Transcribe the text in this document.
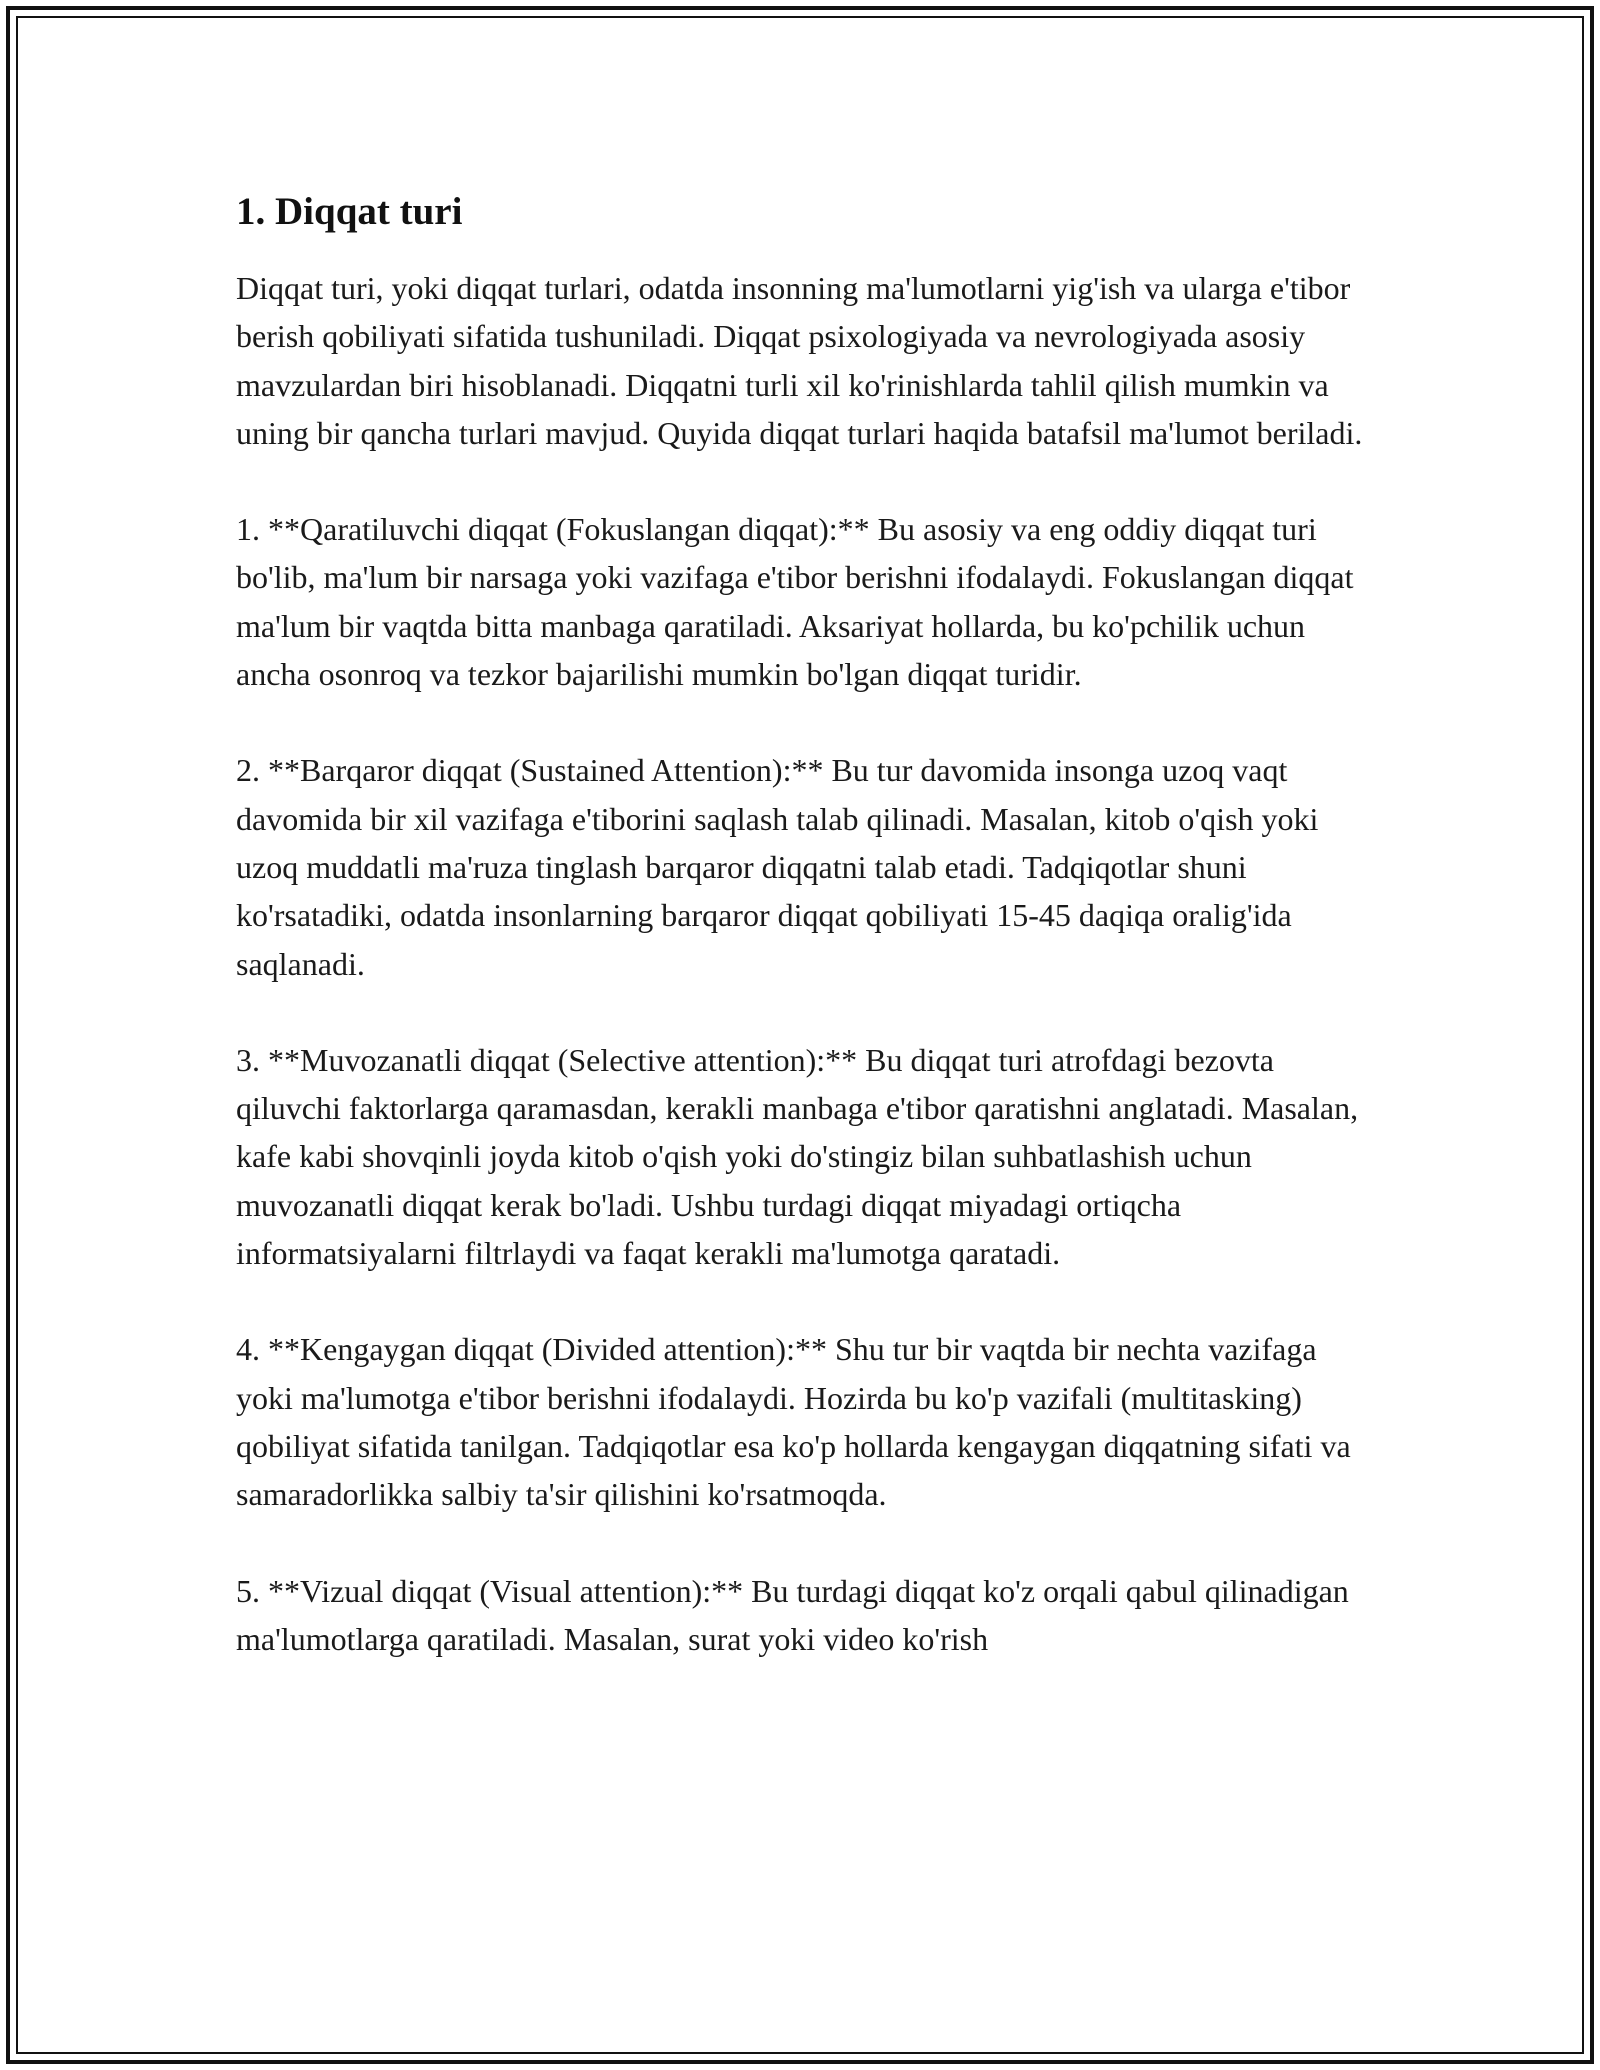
1. Diqqat turi

Diqqat turi, yoki diqqat turlari, odatda insonning ma'lumotlarni yig'ish va ularga e'tibor berish qobiliyati sifatida tushuniladi. Diqqat psixologiyada va nevrologiyada asosiy mavzulardan biri hisoblanadi. Diqqatni turli xil ko'rinishlarda tahlil qilish mumkin va uning bir qancha turlari mavjud. Quyida diqqat turlari haqida batafsil ma'lumot beriladi.

1. **Qaratiluvchi diqqat (Fokuslangan diqqat):** Bu asosiy va eng oddiy diqqat turi bo'lib, ma'lum bir narsaga yoki vazifaga e'tibor berishni ifodalaydi. Fokuslangan diqqat ma'lum bir vaqtda bitta manbaga qaratiladi. Aksariyat hollarda, bu ko'pchilik uchun ancha osonroq va tezkor bajarilishi mumkin bo'lgan diqqat turidir.

2. **Barqaror diqqat (Sustained Attention):** Bu tur davomida insonga uzoq vaqt davomida bir xil vazifaga e'tiborini saqlash talab qilinadi. Masalan, kitob o'qish yoki uzoq muddatli ma'ruza tinglash barqaror diqqatni talab etadi. Tadqiqotlar shuni ko'rsatadiki, odatda insonlarning barqaror diqqat qobiliyati 15-45 daqiqa oralig'ida saqlanadi.

3. **Muvozanatli diqqat (Selective attention):** Bu diqqat turi atrofdagi bezovta qiluvchi faktorlarga qaramasdan, kerakli manbaga e'tibor qaratishni anglatadi. Masalan, kafe kabi shovqinli joyda kitob o'qish yoki do'stingiz bilan suhbatlashish uchun muvozanatli diqqat kerak bo'ladi. Ushbu turdagi diqqat miyadagi ortiqcha informatsiyalarni filtrlaydi va faqat kerakli ma'lumotga qaratadi.

4. **Kengaygan diqqat (Divided attention):** Shu tur bir vaqtda bir nechta vazifaga yoki ma'lumotga e'tibor berishni ifodalaydi. Hozirda bu ko'p vazifali (multitasking) qobiliyat sifatida tanilgan. Tadqiqotlar esa ko'p hollarda kengaygan diqqatning sifati va samaradorlikka salbiy ta'sir qilishini ko'rsatmoqda.

5. **Vizual diqqat (Visual attention):** Bu turdagi diqqat ko'z orqali qabul qilinadigan ma'lumotlarga qaratiladi. Masalan, surat yoki video ko'rish
